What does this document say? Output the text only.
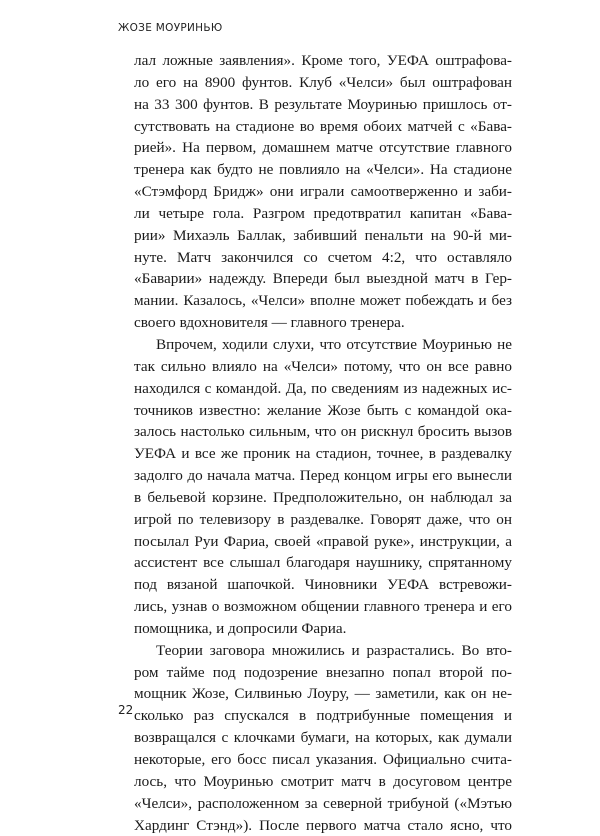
ЖОЗЕ МОУРИНЬЮ
лал ложные заявления». Кроме того, УЕФА оштрафова-
ло его на 8900 фунтов. Клуб «Челси» был оштрафован
на 33 300 фунтов. В результате Моуринью пришлось от-
сутствовать на стадионе во время обоих матчей с «Бава-
рией». На первом, домашнем матче отсутствие главного
тренера как будто не повлияло на «Челси». На стадионе
«Стэмфорд Бридж» они играли самоотверженно и заби-
ли четыре гола. Разгром предотвратил капитан «Бава-
рии» Михаэль Баллак, забивший пенальти на 90-й ми-
нуте. Матч закончился со счетом 4:2, что оставляло
«Баварии» надежду. Впереди был выездной матч в Гер-
мании. Казалось, «Челси» вполне может побеждать и без
своего вдохновителя — главного тренера.
Впрочем, ходили слухи, что отсутствие Моуринью не
так сильно влияло на «Челси» потому, что он все равно
находился с командой. Да, по сведениям из надежных ис-
точников известно: желание Жозе быть с командой ока-
залось настолько сильным, что он рискнул бросить вызов
УЕФА и все же проник на стадион, точнее, в раздевалку
задолго до начала матча. Перед концом игры его вынесли
в бельевой корзине. Предположительно, он наблюдал за
игрой по телевизору в раздевалке. Говорят даже, что он
посылал Руи Фариа, своей «правой руке», инструкции, а
ассистент все слышал благодаря наушнику, спрятанному
под вязаной шапочкой. Чиновники УЕФА встревожи-
лись, узнав о возможном общении главного тренера и его
помощника, и допросили Фариа.
Теории заговора множились и разрастались. Во вто-
ром тайме под подозрение внезапно попал второй по-
мощник Жозе, Силвинью Лоуру, — заметили, как он не-
сколько раз спускался в подтрибунные помещения и
возвращался с клочками бумаги, на которых, как думали
некоторые, его босс писал указания. Официально счита-
лось, что Моуринью смотрит матч в досуговом центре
«Челси», расположенном за северной трибуной («Мэтью
Хардинг Стэнд»). После первого матча стало ясно, что
22
